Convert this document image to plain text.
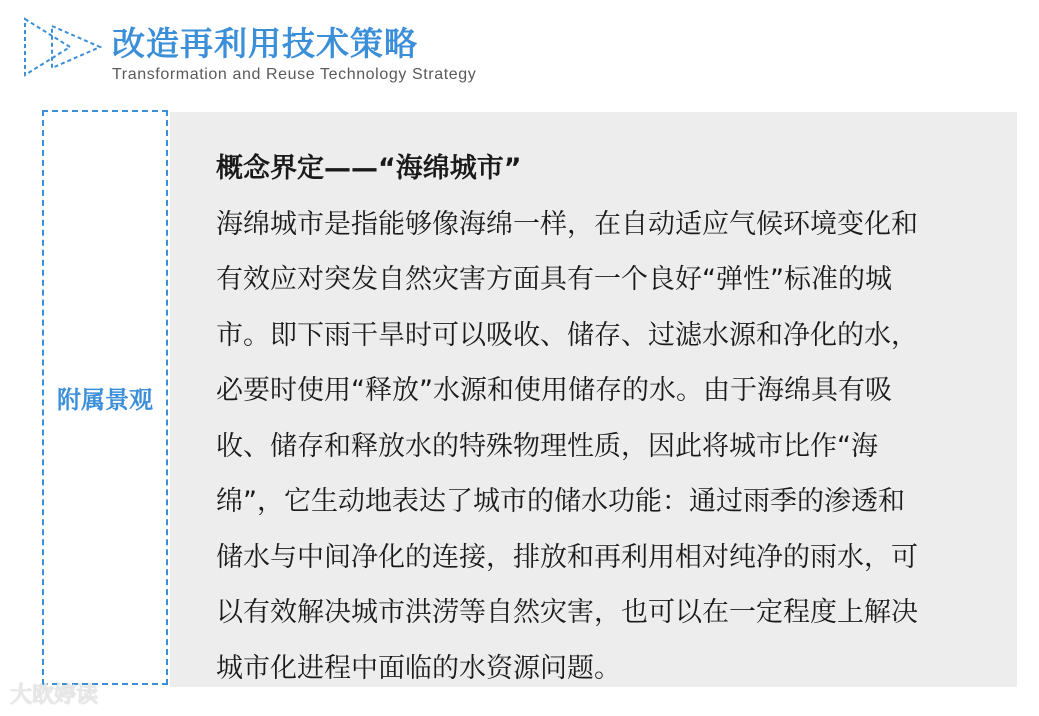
改造再利用技术策略
Transformation and Reuse Technology Strategy
附属景观
概念界定——“海绵城市”
海绵城市是指能够像海绵一样，在自动适应气候环境变化和
有效应对突发自然灾害方面具有一个良好“弹性”标准的城
市。即下雨干旱时可以吸收、储存、过滤水源和净化的水，
必要时使用“释放”水源和使用储存的水。由于海绵具有吸
收、储存和释放水的特殊物理性质，因此将城市比作“海
绵”，它生动地表达了城市的储水功能：通过雨季的渗透和
储水与中间净化的连接，排放和再利用相对纯净的雨水，可
以有效解决城市洪涝等自然灾害，也可以在一定程度上解决
城市化进程中面临的水资源问题。
大欧婷读
